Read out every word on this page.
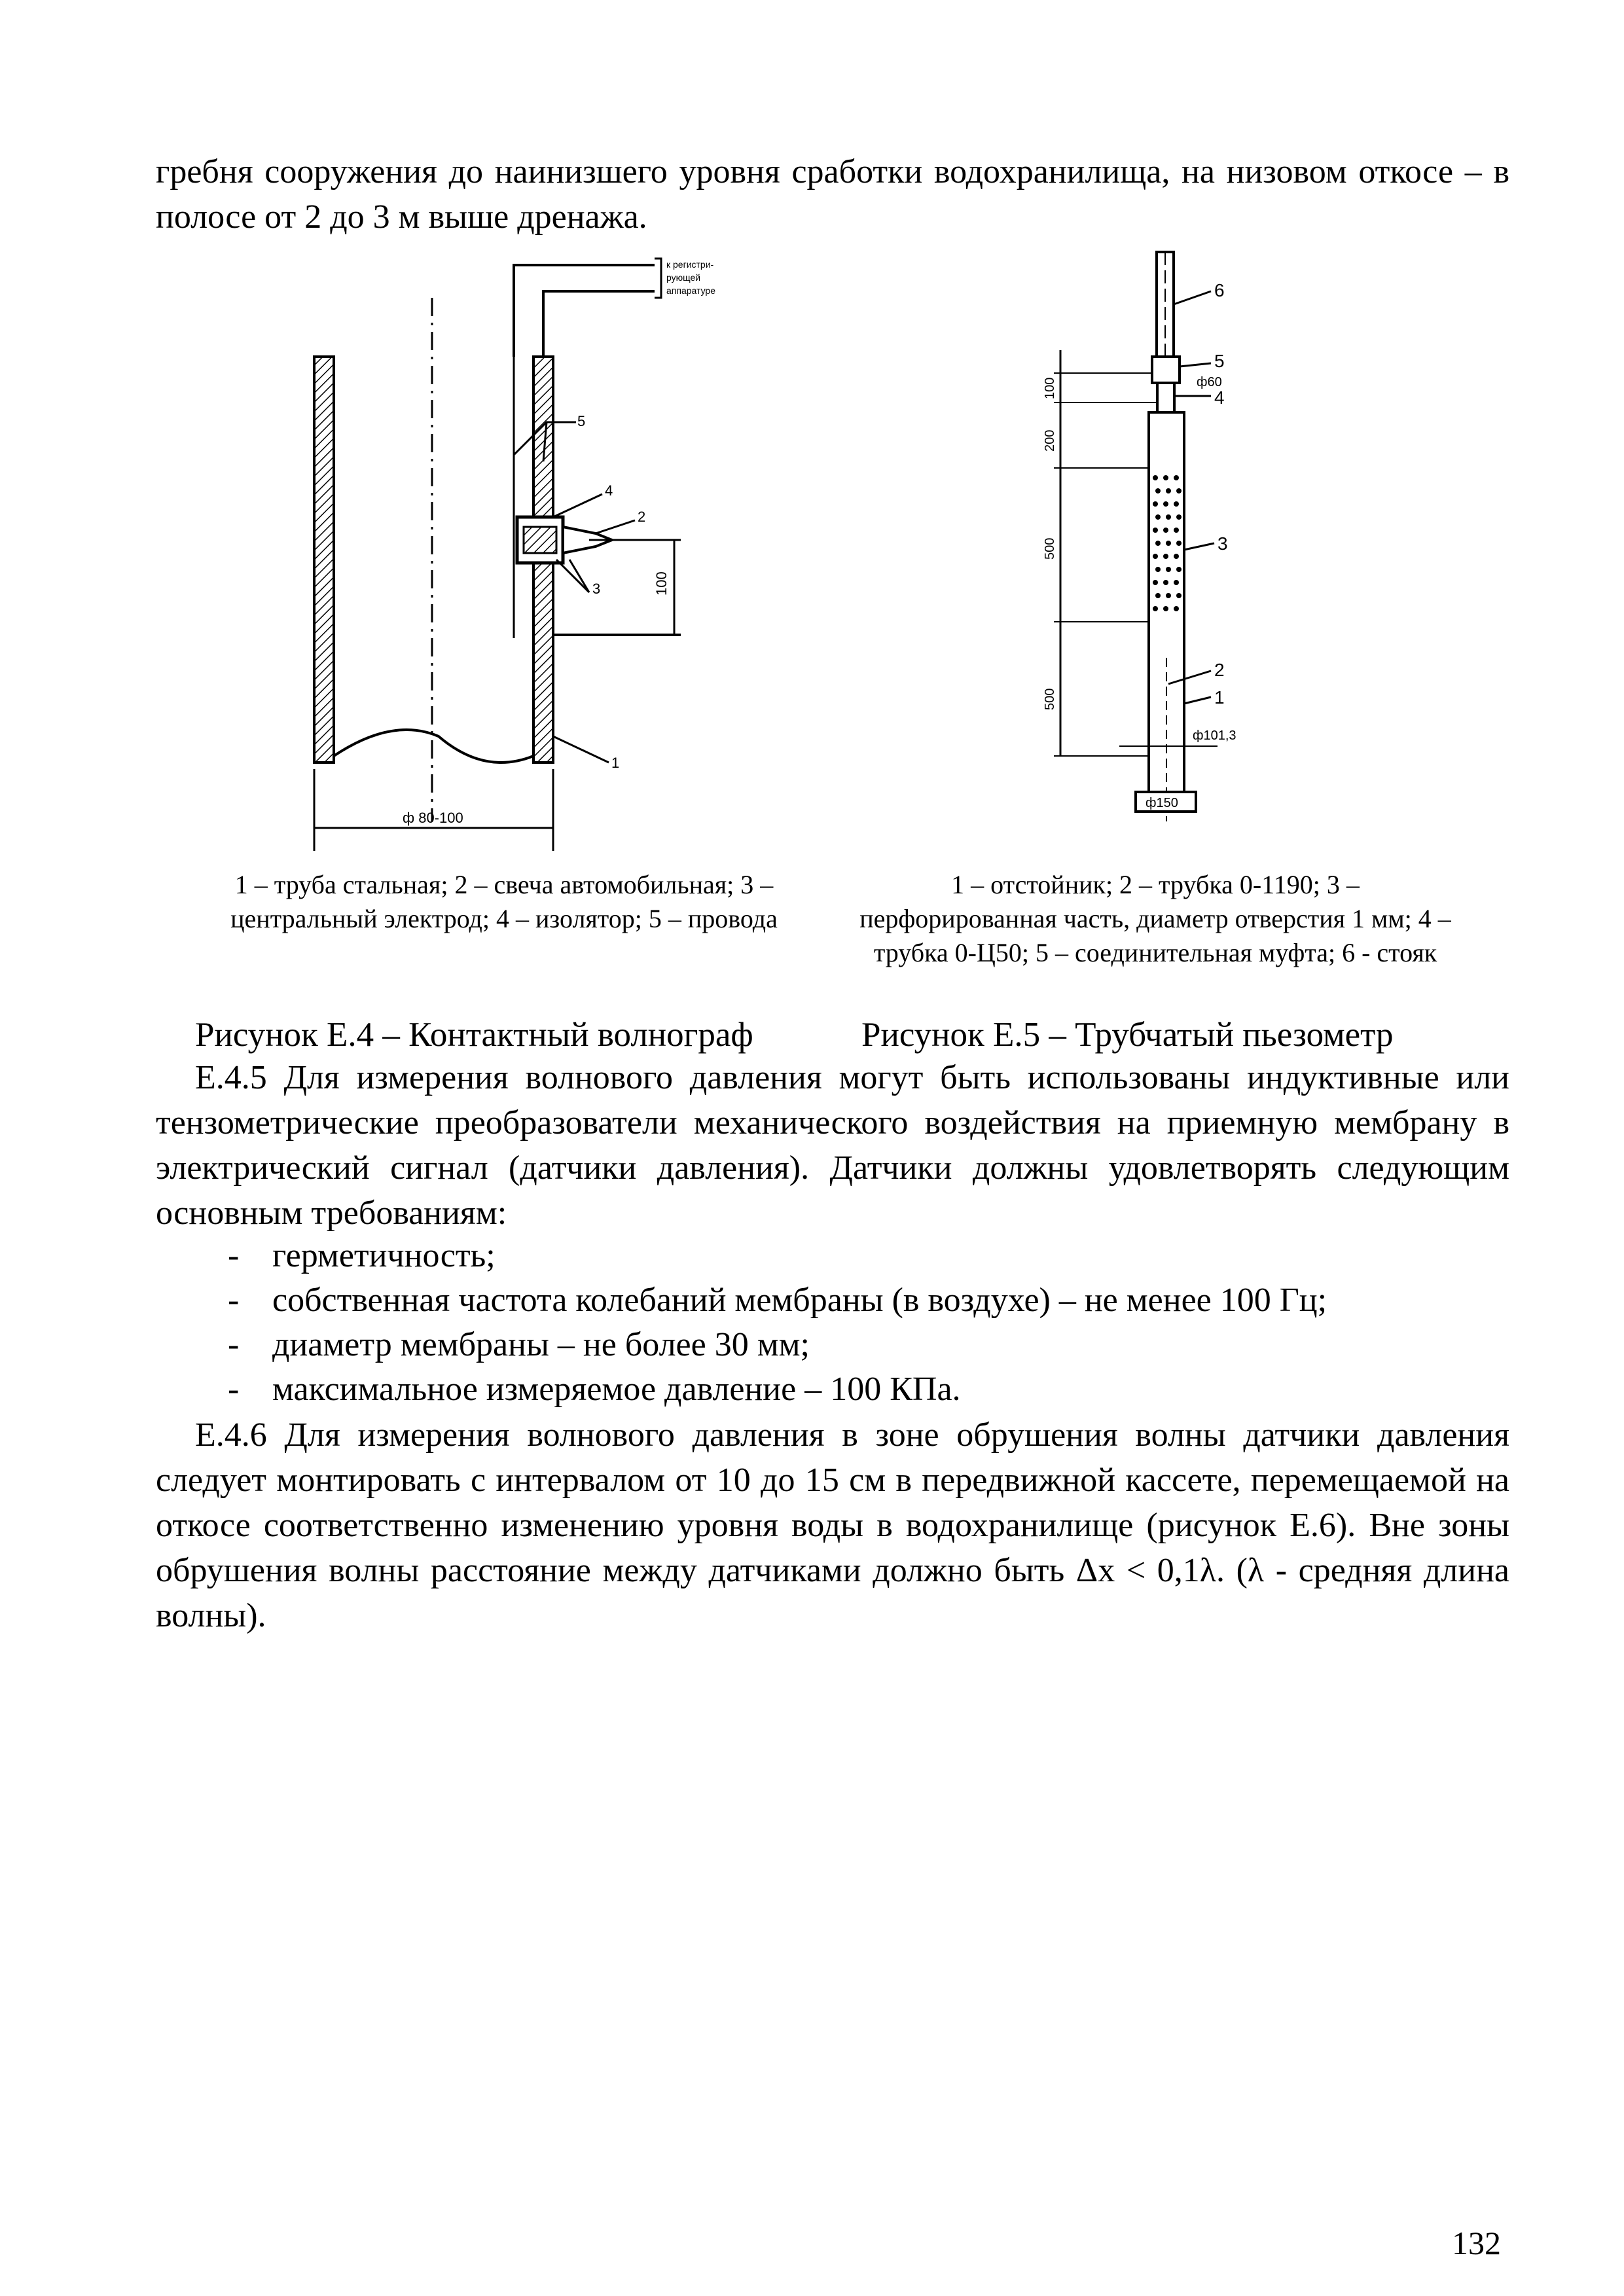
гребня сооружения до наинизшего уровня сработки водохранилища, на низовом откосе – в полосе от 2 до 3 м выше дренажа.

к регистри-
рующей
аппаратуре
100
5
4
2
3
1
ф 80-100
ф150
100
200
500
500
6
5
ф60
4
3
2
1
ф101,3

1 – труба стальная; 2 – свеча автомобильная; 3 – центральный электрод; 4 – изолятор; 5 – провода

1 – отстойник; 2 – трубка 0-1190; 3 – перфорированная часть, диаметр отверстия 1 мм; 4 – трубка 0-Ц50; 5 – соединительная муфта; 6 - стояк

Рисунок Е.4 – Контактный волнограф	Рисунок Е.5 – Трубчатый пьезометр

Е.4.5 Для измерения волнового давления могут быть использованы индуктивные или тензометрические преобразователи механического воздействия на приемную мембрану в электрический сигнал (датчики давления). Датчики должны удовлетворять следующим основным требованиям:

- герметичность;
- собственная частота колебаний мембраны (в воздухе) – не менее 100 Гц;
- диаметр мембраны – не более 30 мм;
- максимальное измеряемое давление – 100 КПа.

Е.4.6 Для измерения волнового давления в зоне обрушения волны датчики давления следует монтировать с интервалом от 10 до 15 см в передвижной кассете, перемещаемой на откосе соответственно изменению уровня воды в водохранилище (рисунок Е.6). Вне зоны обрушения волны расстояние между датчиками должно быть Δx < 0,1λ. (λ - средняя длина волны).

132
